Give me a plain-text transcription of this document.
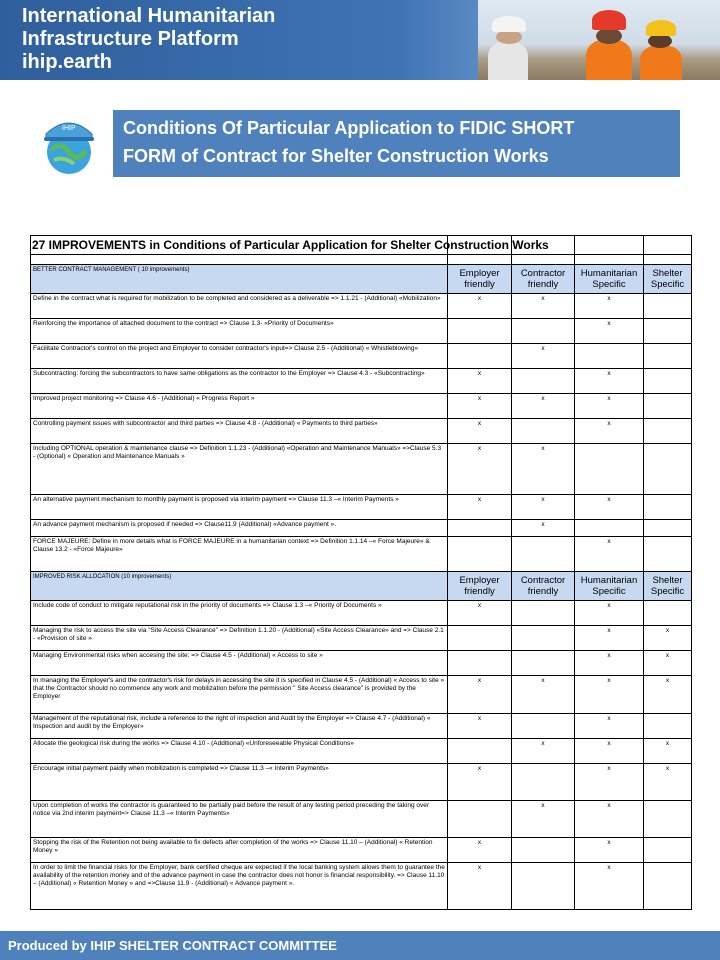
International Humanitarian
Infrastructure Platform
ihip.earth
IHIP	Conditions Of Particular Application to FIDIC SHORT
FORM of Contract for Shelter Construction Works
27 IMPROVEMENTS in Conditions of Particular Application for Shelter Construction Works				

BETTER CONTRACT MANAGEMENT ( 10 improvements)	Employer friendly	Contractor friendly	Humanitarian Specific	Shelter Specific
Define in the contract what is required for mobilization to be completed and considered as a deliverable => 1.1.21 - (Additional) «Mobilization»	x	x	x	
Reinforcing the importance of attached document to the contract => Clause 1.3- «Priority of Documents»			x	
Facilitate Contractor's control on the project and Employer to consider contractor's input=> Clause 2.5 - (Additional) « Whistleblowing»		x		
Subcontracting: forcing the subcontractors to have same obligations as the contractor to the Employer => Clause 4.3 - «Subcontracting»	x		x	
Improved project monitoring => Clause 4.6 - (Additional) « Progress Report »	x	x	x	
Controlling payment issues with subcontractor and third parties => Clause 4.8 - (Additional) « Payments to third parties»	x		x	
Including OPTIONAL operation & maintenance clause => Definition 1.1.23 - (Additional) «Operation and Maintenance Manuals» =>Clause 5.3 - (Optional) « Operation and Maintenance Manuals »	x	x		
An alternative payment mechanism to monthly payment is proposed via interim payment => Clause 11.3 –« Interim Payments »	x	x	x	
An advance payment mechanism is proposed if needed => Clause11.9 (Additional) «Advance payment ».		x		
FORCE MAJEURE: Define in more details what is FORCE MAJEURE in a humanitarian context => Definition 1.1.14 –« Force Majeure» & Clause 13.2 - «Force Majeure»			x	
IMPROVED RISK ALLOCATION (10 improvements)	Employer friendly	Contractor friendly	Humanitarian Specific	Shelter Specific
Include code of conduct to mitigate reputational risk in the priority of documents => Clause 1.3 –« Priority of Documents »	x		x	
Managing the risk to access the site via "Site Access Clearance" => Definition 1.1.20 - (Additional) «Site Access Clearance» and => Clause 2.1 - «Provision of site »			x	x
Managing Environmental risks when accesing the site: => Clause 4.5 - (Additional) « Access to site »			x	x
In managing the Employer's and the contractor's risk for delays in accessing the site it is specified in Clause 4.5 - (Additional) « Access to site » that the Contractor should no commence any work and mobilization before the permission " Site Access clearance" is provided by the Employer	x	x	x	x
Management of the reputational risk, include a reference to the right of inspection and Audit by the Employer => Clause 4.7 - (Additional) « Inspection and audit by the Employer»	x		x	
Allocate the geological risk during the works => Clause 4.10 - (Additional) «Unforeseeable Physical Conditions»		x	x	x
Encourage initial payment paidly when mobilization is completed => Clause 11.3 –« Interim Payments»	x		x	x
Upon completion of works the contractor is guaranteed to be partially paid before the result of any testing period preceding the taking over notice via 2nd interim payment=> Clause 11.3 –« Interim Payments»		x	x	
Stopping the risk of the Retention not being available to fix defects after completion of the works => Clause 11.10 – (Additional) « Retention Money »	x		x	
In order to limit the financial risks for the Employer, bank certified cheque are expected if the local banking system allows them to guarantee the availability of the retention money and of the advance payment in case the contractor does not honor is financial responsibility. => Clause 11.10 – (Additional) « Retention Money » and =>Clause 11.9 - (Additional) « Advance payment ».	x		x	
Produced by IHIP SHELTER CONTRACT COMMITTEE
